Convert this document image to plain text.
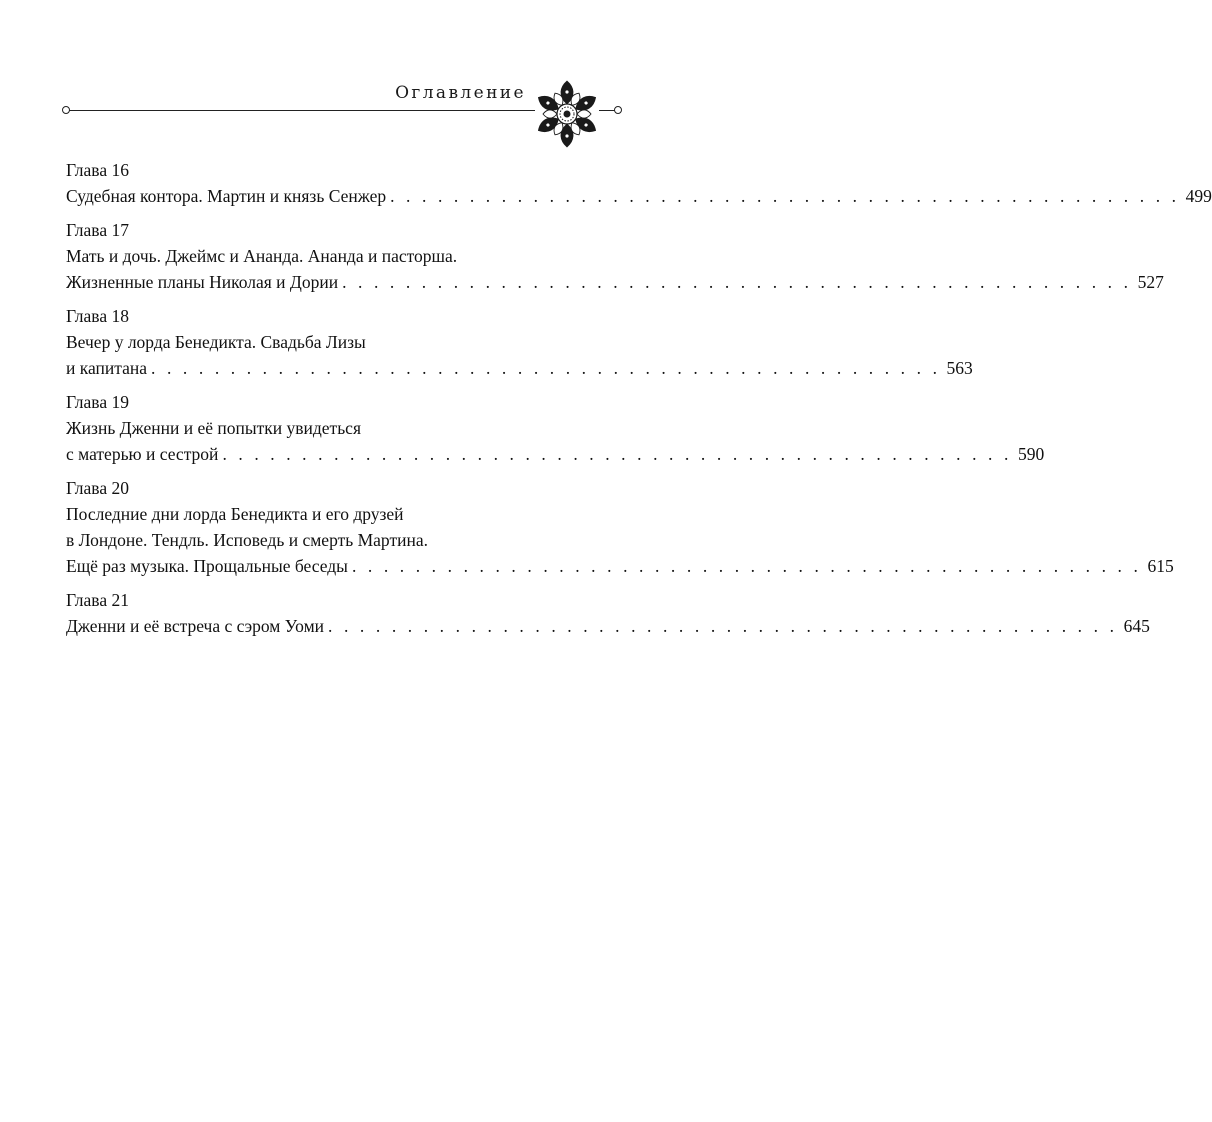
Оглавление
Глава 16
Судебная контора. Мартин и князь Сенжер . . . . . . . . . . . . . . . . . . . . . . . . . . . . . . . . . . . . . . . . . . . . . . . . . . 499
Глава 17
Мать и дочь. Джеймс и Ананда. Ананда и пасторша.
Жизненные планы Николая и Дории . . . . . . . . . . . . . . . . . . . . . . . . . . . . . . . . . . . . . . . . . . . . . . . . . . 527
Глава 18
Вечер у лорда Бенедикта. Свадьба Лизы
и капитана . . . . . . . . . . . . . . . . . . . . . . . . . . . . . . . . . . . . . . . . . . . . . . . . . . 563
Глава 19
Жизнь Дженни и её попытки увидеться
с матерью и сестрой . . . . . . . . . . . . . . . . . . . . . . . . . . . . . . . . . . . . . . . . . . . . . . . . . . 590
Глава 20
Последние дни лорда Бенедикта и его друзей
в Лондоне. Тендль. Исповедь и смерть Мартина.
Ещё раз музыка. Прощальные беседы . . . . . . . . . . . . . . . . . . . . . . . . . . . . . . . . . . . . . . . . . . . . . . . . . . 615
Глава 21
Дженни и её встреча с сэром Уоми . . . . . . . . . . . . . . . . . . . . . . . . . . . . . . . . . . . . . . . . . . . . . . . . . . 645
